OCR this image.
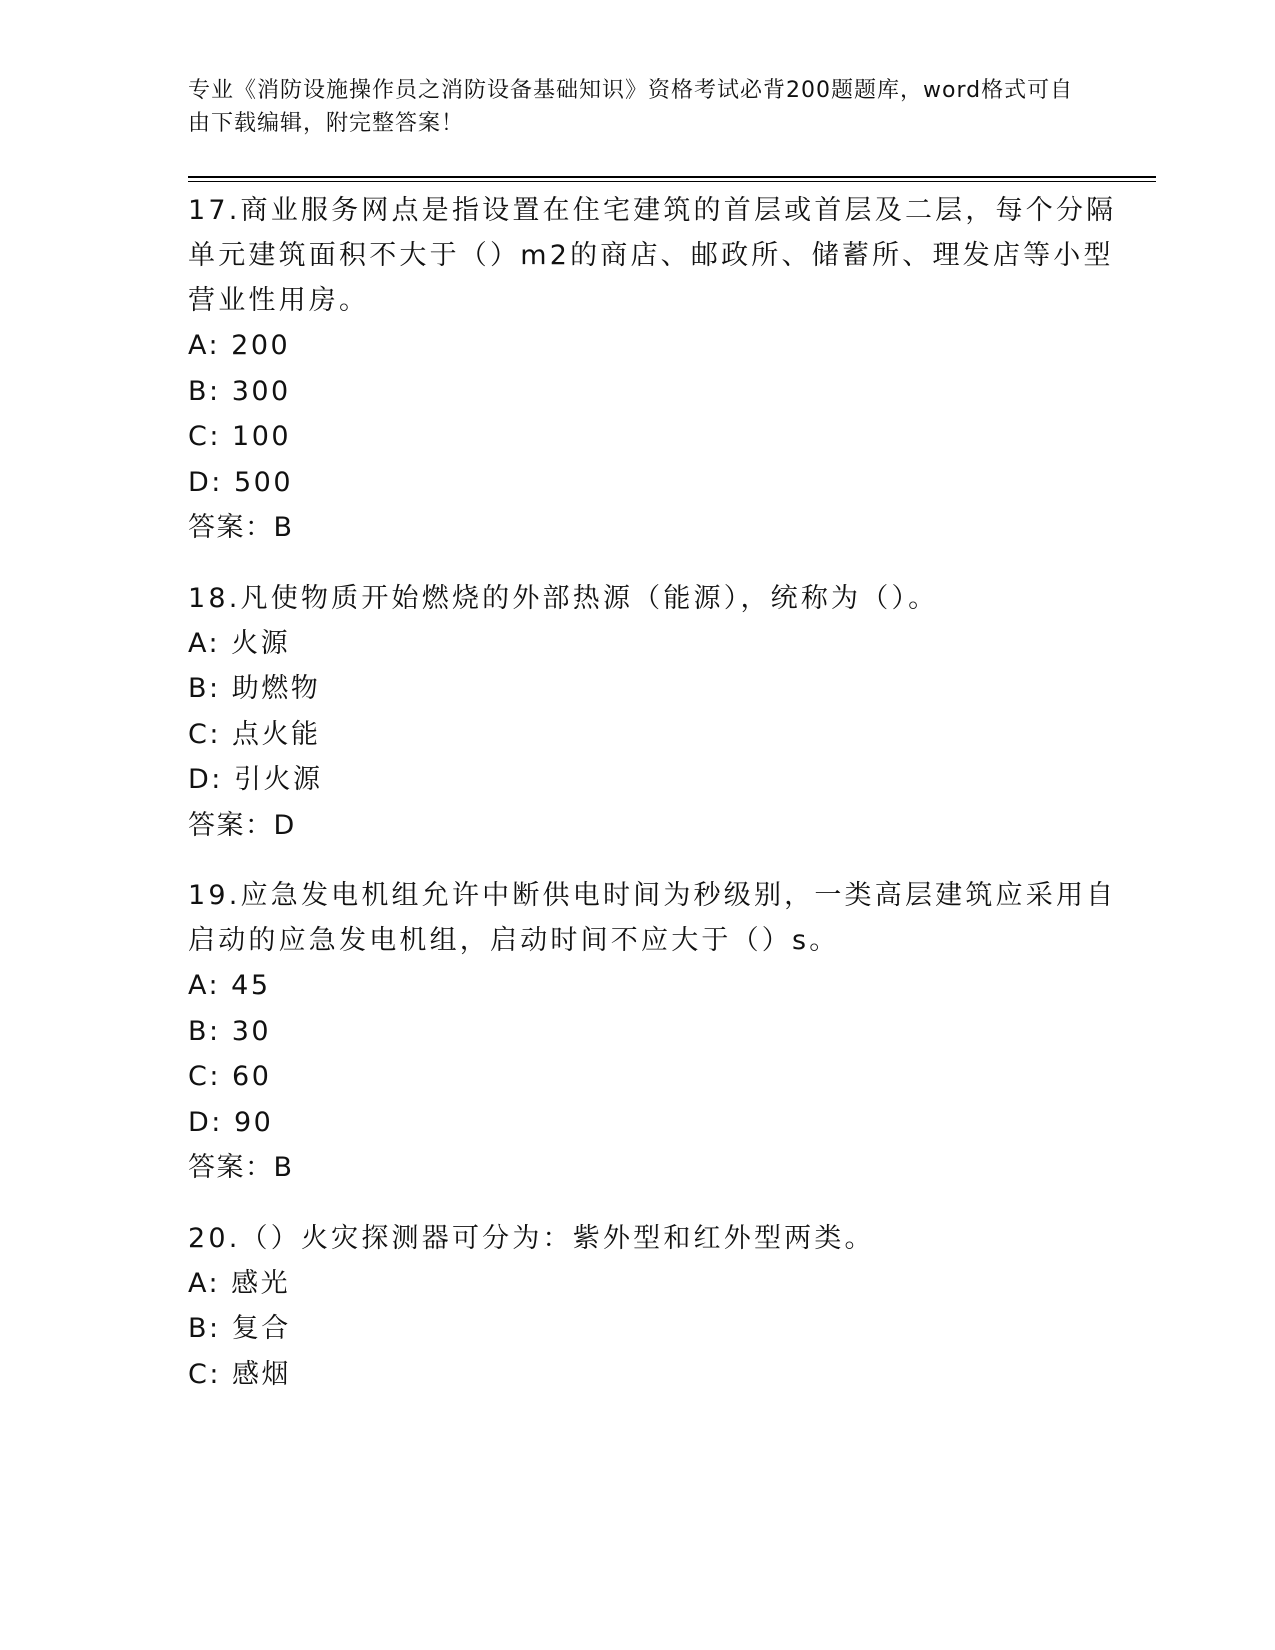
专业《消防设施操作员之消防设备基础知识》资格考试必背200题题库，word格式可自由下载编辑，附完整答案！

17.商业服务网点是指设置在住宅建筑的首层或首层及二层，每个分隔单元建筑面积不大于（）m2的商店、邮政所、储蓄所、理发店等小型营业性用房。

A: 200
B: 300
C: 100
D: 500
答案：B

18.凡使物质开始燃烧的外部热源（能源），统称为（）。

A: 火源
B: 助燃物
C: 点火能
D: 引火源
答案：D

19.应急发电机组允许中断供电时间为秒级别，一类高层建筑应采用自启动的应急发电机组，启动时间不应大于（）s。

A: 45
B: 30
C: 60
D: 90
答案：B

20.（）火灾探测器可分为：紫外型和红外型两类。

A: 感光
B: 复合
C: 感烟
